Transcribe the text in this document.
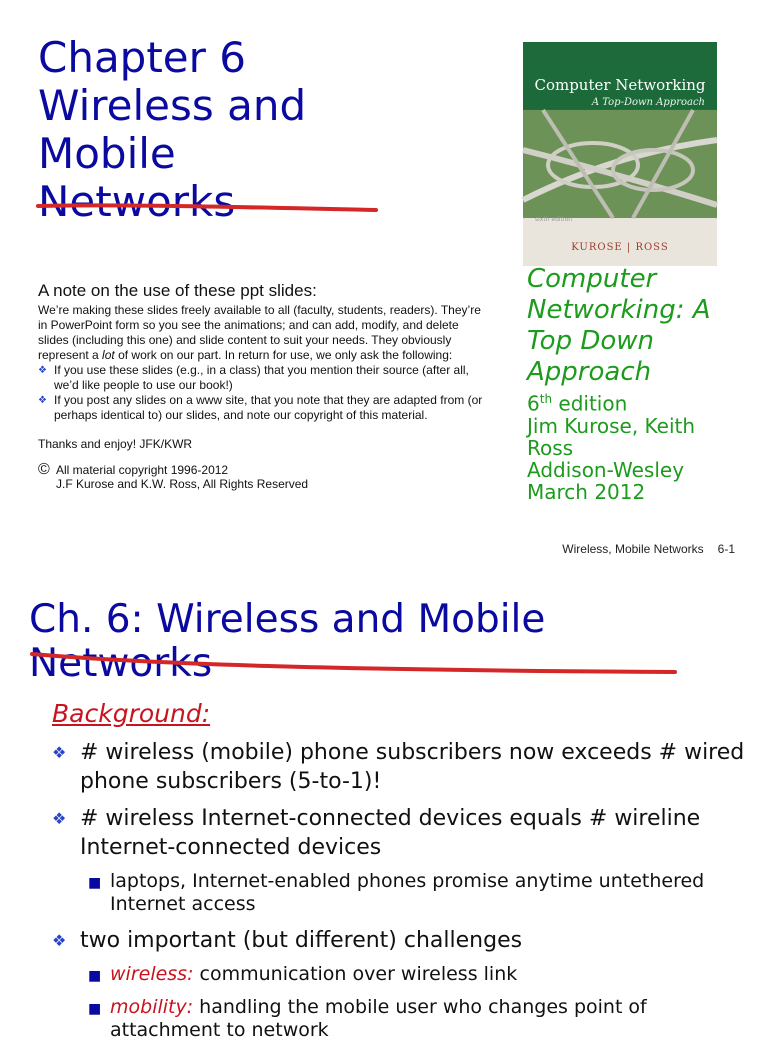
Chapter 6
Wireless and
Mobile
Networks
Computer Networking
A Top-Down Approach
sixth edition
KUROSE | ROSS
Computer
Networking: A
Top Down
Approach
6th edition
Jim Kurose, Keith
Ross
Addison-Wesley
March 2012
A note on the use of these ppt slides:
We’re making these slides freely available to all (faculty, students, readers). They’re in PowerPoint form so you see the animations; and can add, modify, and delete slides (including this one) and slide content to suit your needs. They obviously represent a lot of work on our part. In return for use, we only ask the following:
❖ If you use these slides (e.g., in a class) that you mention their source (after all, we’d like people to use our book!)
❖ If you post any slides on a www site, that you note that they are adapted from (or perhaps identical to) our slides, and note our copyright of this material.
Thanks and enjoy! JFK/KWR
© All material copyright 1996-2012
J.F Kurose and K.W. Ross, All Rights Reserved
Wireless, Mobile Networks 6-1
Ch. 6: Wireless and Mobile
Networks
Background:
❖ # wireless (mobile) phone subscribers now exceeds # wired phone subscribers (5-to-1)!
❖ # wireless Internet-connected devices equals # wireline Internet-connected devices
■ laptops, Internet-enabled phones promise anytime untethered Internet access
❖ two important (but different) challenges
■ wireless: communication over wireless link
■ mobility: handling the mobile user who changes point of attachment to network
